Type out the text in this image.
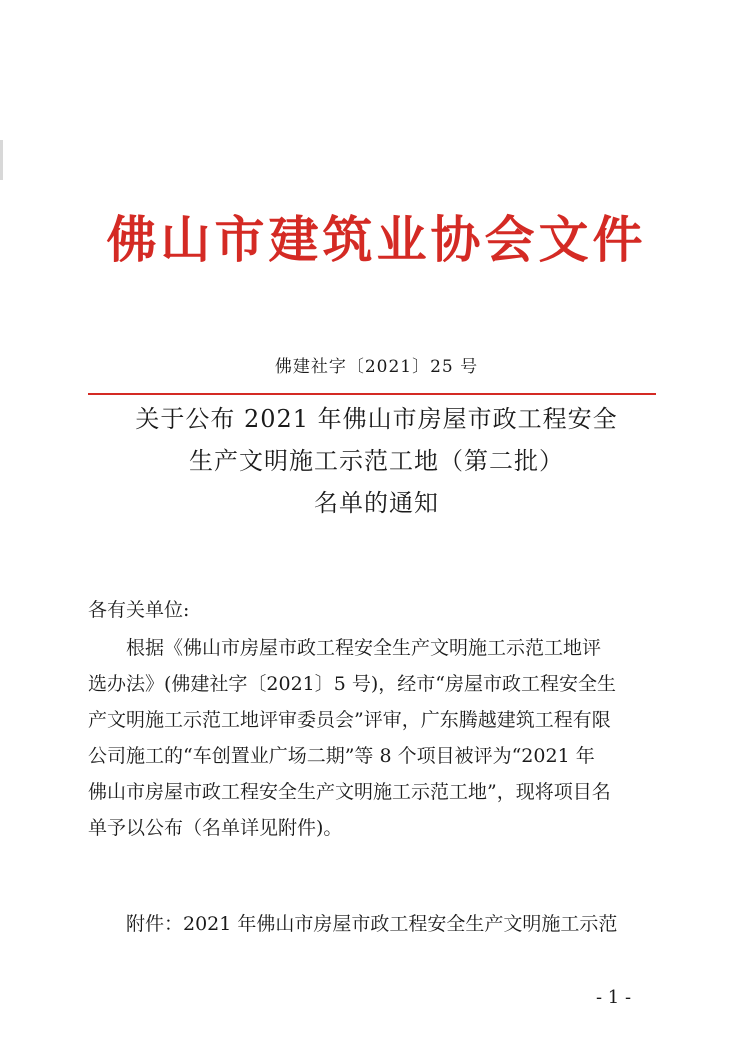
佛山市建筑业协会文件
佛建社字〔2021〕25 号
关于公布 2021 年佛山市房屋市政工程安全
生产文明施工示范工地（第二批）
名单的通知
各有关单位:
根据《佛山市房屋市政工程安全生产文明施工示范工地评
选办法》(佛建社字〔2021〕5 号)，经市“房屋市政工程安全生
产文明施工示范工地评审委员会”评审，广东腾越建筑工程有限
公司施工的“车创置业广场二期”等 8 个项目被评为“2021 年
佛山市房屋市政工程安全生产文明施工示范工地”，现将项目名
单予以公布（名单详见附件)。
附件：2021 年佛山市房屋市政工程安全生产文明施工示范
- 1 -
